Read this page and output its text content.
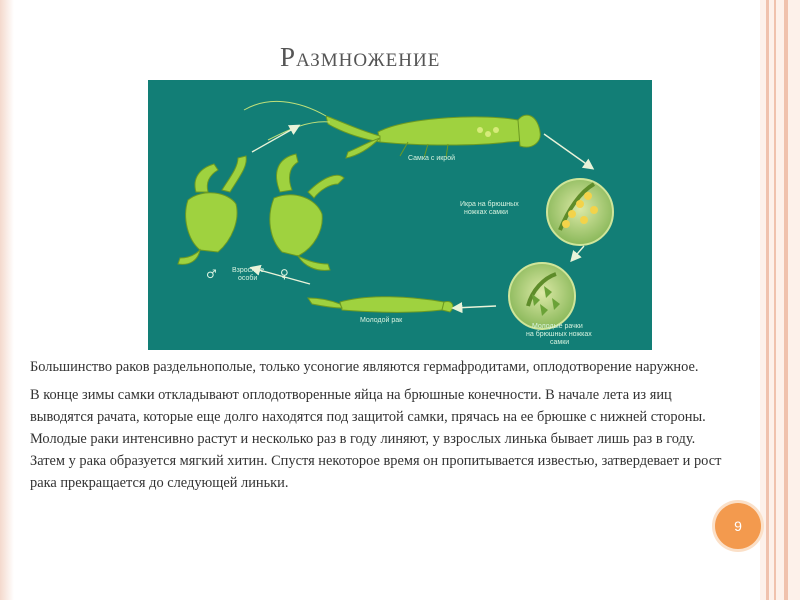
Размножение
Самка с икрой
Икра на брюшных
ножках самки
Молодые рачки
на брюшных ножках
самки
Молодой рак
Взрослые
особи
♂	♀

Большинство раков раздельнополые, только усоногие являются гермафродитами, оплодотворение наружное.

В конце зимы самки откладывают оплодотворенные яйца на брюшные конечности. В начале лета из яиц выводятся рачата, которые еще долго находятся под защитой самки, прячась на ее брюшке с нижней стороны. Молодые раки интенсивно растут и несколько раз в году линяют, у взрослых линька бывает лишь раз в году. Затем у рака образуется мягкий хитин. Спустя некоторое время он пропитывается известью, затвердевает и рост рака прекращается до следующей линьки.

9
